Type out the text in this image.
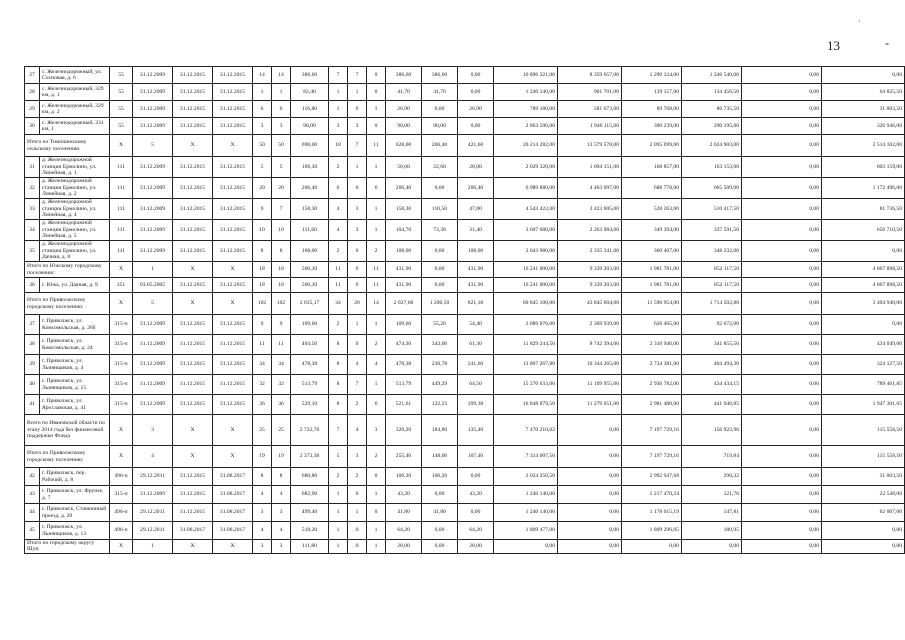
·
13	-
27	с. Железнодорожный, ул. Сосновая, д. 6	55	31.12.2009	31.12.2015	31.12.2015	14	14	386,60	7	7	0	386,60	386,60	0,00	10 896 321,00	8 359 657,00	1 290 124,00	1 246 540,00	0,00	0,00
28	с. Железнодорожный, 329 км, д. 1	55	31.12.2009	31.12.2015	31.12.2015	1	1	82,40	1	1	0	41,70	41,70	0,00	1 240 140,00	901 701,00	139 157,00	134 456,50	0,00	64 825,50
29	с. Железнодорожный, 329 км, д. 2	55	31.12.2009	31.12.2015	31.12.2015	6	6	116,80	1	0	1	26,90	0,00	26,90	789 180,00	581 673,00	89 768,00	86 735,50	0,00	31 003,50
30	с. Железнодорожный, 331 км, 1	55	31.12.2009	31.12.2015	31.12.2015	3	3	90,00	3	3	0	90,00	90,00	0,00	2 863 596,00	1 946 115,00	300 239,00	290 195,00	0,00	326 946,00
Итого по Тимошинскому сельскому поселению:		X	5	X	X	50	50	690,00	18	7	11	628,00	206,40	421,60	20 214 282,00	13 579 578,00	2 095 699,00	2 024 903,00	0,00	2 514 102,00
31	д. Железнодорожной станции Ермолино, ул. Линейная, д. 1	111	31.12.2009	31.12.2015	31.12.2015	5	5	106,30	2	1	1	50,60	22,60	28,00	2 029 320,00	1 094 151,00	168 857,00	163 153,00	0,00	603 159,00
32	д. Железнодорожной станции Ермолино, ул. Линейная, д. 2	111	31.12.2009	31.12.2015	31.12.2015	20	20	206,40	6	0	6	206,40	0,00	206,40	6 989 880,00	4 463 097,00	688 778,00	665 509,00	0,00	1 172 496,00
33	д. Железнодорожной станции Ермолино, ул. Линейная, д. 4	111	31.12.2009	31.12.2015	31.12.2015	9	7	158,30	4	3	1	158,30	110,50	47,80	4 543 422,00	3 423 005,00	528 263,00	510 417,50	0,00	81 736,50
34	д. Железнодорожной станции Ермолино, ул. Линейная, д. 5	111	31.12.2009	31.12.2015	31.12.2015	10	10	111,60	4	3	1	104,70	73,30	31,40	3 607 680,00	2 263 984,00	349 394,00	337 591,50	0,00	656 710,50
35	д. Железнодорожной станции Ермолино, ул. Дачная, д. 8	111	31.12.2009	31.12.2015	31.12.2015	8	8	108,00	2	0	2	108,00	0,00	108,00	3 043 980,00	2 335 341,00	360 407,00	348 232,00	0,00	0,00
Итого по Южскому городскому поселению:		X	1	X	X	18	18	500,30	11	0	11	431,90	0,00	431,90	16 241 000,00	9 339 203,00	1 981 781,00	852 117,50	0,00	4 067 898,50
36	г. Южа, ул. Дачная, д. 9	351	03.05.2005	31.12.2015	31.12.2015	18	18	500,30	11	0	11	431,90	0,00	431,90	16 241 000,00	9 339 203,00	1 981 781,00	852 117,50	0,00	4 067 898,50
Итого по Приволжскому городскому поселению:		X	5	X	X	102	102	2 035,17	34	20	14	2 027,68	1 206,50	821,18	60 845 100,80	43 845 604,00	11 590 954,00	1 714 502,80	0,00	3 494 940,00
37	г. Приволжск, ул. Комсомольская, д. 26б	315-п	31.12.2009	31.12.2015	31.12.2015	9	9	109,60	2	1	1	109,60	55,20	54,40	3 089 076,00	2 369 939,00	626 465,00	92 672,00	0,00	0,00
38	г. Приволжск, ул. Комсомольская, д. 24	315-п	31.12.2009	31.12.2015	31.12.2015	11	11	404,50	8	6	2	474,30	343,00	61,30	11 829 244,50	8 742 394,00	2 310 946,00	341 855,50	0,00	434 049,00
39	г. Приволжск, ул. Льнянщиков, д. 4	315-п	31.12.2009	31.12.2015	31.12.2015	34	34	478,38	8	4	4	478,38	236,78	241,60	13 807 267,80	10 344 265,00	2 734 381,00	404 494,30	0,00	324 127,50
40	г. Приволжск, ул. Льнянщиков, д. 15	315-п	31.12.2009	31.12.2015	31.12.2015	32	32	513,79	8	7	1	513,79	449,29	64,50	15 270 633,00	11 109 955,00	2 936 782,00	434 434,15	0,00	789 461,85
41	г. Приволжск, ул. Ярославская, д. 41	315-п	31.12.2009	31.12.2015	31.12.2015	36	36	529,10	8	2	6	521,61	122,23	399,38	16 848 879,50	11 279 051,00	2 981 480,00	441 046,85	0,00	1 947 301,65
Всего по Ивановской области по этапу 2014 года без финансовой поддержки Фонда		X	3	X	X	25	25	2 722,70	7	4	3	320,20	184,80	135,40	7 470 210,62	0,00	7 197 729,16	156 922,96	0,00	115 558,50
Итого по Приволжскому городскому поселению:		X	4	X	X	19	19	2 373,30	5	3	2	255,40	148,00	107,40	7 314 007,50	0,00	7 197 729,16	719,84	0,00	115 558,50
42	г. Приволжск, пер. Рабочий, д. 8	496-п	29.12.2011	31.12.2015	31.08.2017	8	8	680,80	2	2	0	106,20	106,20	0,00	3 024 250,50	0,00	2 992 947,68	290,32	0,00	31 003,50
43	г. Приволжск, ул. Фрунзе, д. 7	315-п	31.12.2009	31.12.2015	31.08.2017	4	4	682,90	1	0	1	43,20	0,00	43,20	1 240 140,00	0,00	1 217 470,24	121,76	0,00	22 548,00
44	г. Приволжск, Станкинный проезд, д. 20	496-п	29.12.2011	31.12.2015	31.08.2017	3	3	499,40	1	1	0	41,80	41,80	0,00	1 240 140,00	0,00	1 178 015,19	147,81	0,00	62 007,00
45	г. Приволжск, ул. Льнянщиков, д. 13	496-п	29.12.2011	31.08.2017	31.08.2017	4	4	518,20	1	0	1	64,20	0,00	64,20	1 809 477,00	0,00	1 809 296,05	180,95	0,00	0,00
Итого по городскому округу Шуя:		X	1	X	X	3	3	111,80	1	0	1	28,00	0,00	28,00	0,00	0,00	0,00	0,00	0,00	0,00
